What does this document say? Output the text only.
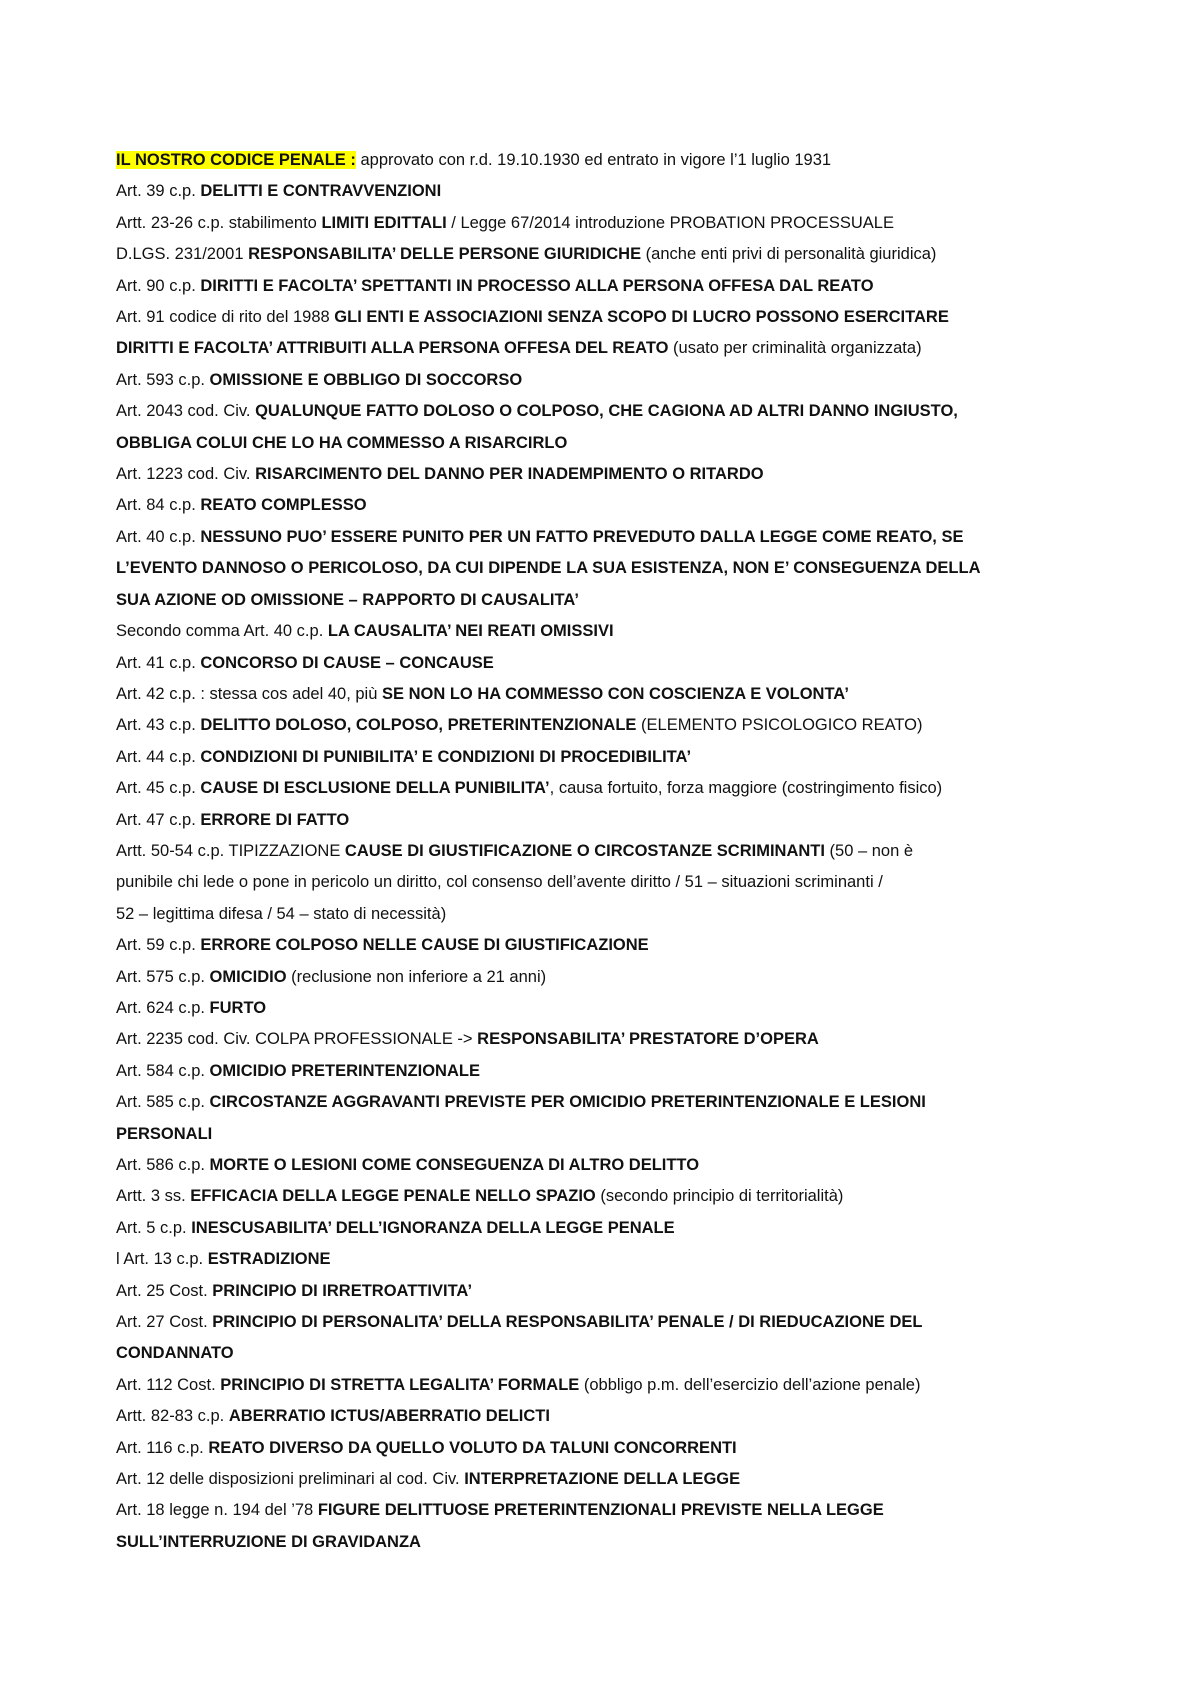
IL NOSTRO CODICE PENALE : approvato con r.d. 19.10.1930 ed entrato in vigore l’1 luglio 1931
Art. 39 c.p. DELITTI E CONTRAVVENZIONI
Artt. 23-26 c.p. stabilimento LIMITI EDITTALI / Legge 67/2014 introduzione PROBATION PROCESSUALE
D.LGS. 231/2001 RESPONSABILITA’ DELLE PERSONE GIURIDICHE (anche enti privi di personalità giuridica)
Art. 90 c.p. DIRITTI E FACOLTA’ SPETTANTI IN PROCESSO ALLA PERSONA OFFESA DAL REATO
Art. 91 codice di rito del 1988 GLI ENTI E ASSOCIAZIONI SENZA SCOPO DI LUCRO POSSONO ESERCITARE
DIRITTI E FACOLTA’ ATTRIBUITI ALLA PERSONA OFFESA DEL REATO (usato per criminalità organizzata)
Art. 593 c.p. OMISSIONE E OBBLIGO DI SOCCORSO
Art. 2043 cod. Civ. QUALUNQUE FATTO DOLOSO O COLPOSO, CHE CAGIONA AD ALTRI DANNO INGIUSTO,
OBBLIGA COLUI CHE LO HA COMMESSO A RISARCIRLO
Art. 1223 cod. Civ. RISARCIMENTO DEL DANNO PER INADEMPIMENTO O RITARDO
Art. 84 c.p. REATO COMPLESSO
Art. 40 c.p. NESSUNO PUO’ ESSERE PUNITO PER UN FATTO PREVEDUTO DALLA LEGGE COME REATO, SE
L’EVENTO DANNOSO O PERICOLOSO, DA CUI DIPENDE LA SUA ESISTENZA, NON E’ CONSEGUENZA DELLA
SUA AZIONE OD OMISSIONE – RAPPORTO DI CAUSALITA’
Secondo comma Art. 40 c.p. LA CAUSALITA’ NEI REATI OMISSIVI
Art. 41 c.p. CONCORSO DI CAUSE – CONCAUSE
Art. 42 c.p. : stessa cos adel 40, più SE NON LO HA COMMESSO CON COSCIENZA E VOLONTA’
Art. 43 c.p. DELITTO DOLOSO, COLPOSO, PRETERINTENZIONALE (ELEMENTO PSICOLOGICO REATO)
Art. 44 c.p. CONDIZIONI DI PUNIBILITA’ E CONDIZIONI DI PROCEDIBILITA’
Art. 45 c.p. CAUSE DI ESCLUSIONE DELLA PUNIBILITA’, causa fortuito, forza maggiore (costringimento fisico)
Art. 47 c.p. ERRORE DI FATTO
Artt. 50-54 c.p. TIPIZZAZIONE CAUSE DI GIUSTIFICAZIONE O CIRCOSTANZE SCRIMINANTI (50 – non è
punibile chi lede o pone in pericolo un diritto, col consenso dell’avente diritto / 51 – situazioni scriminanti /
52 – legittima difesa / 54 – stato di necessità)
Art. 59 c.p. ERRORE COLPOSO NELLE CAUSE DI GIUSTIFICAZIONE
Art. 575 c.p. OMICIDIO (reclusione non inferiore a 21 anni)
Art. 624 c.p. FURTO
Art. 2235 cod. Civ. COLPA PROFESSIONALE -> RESPONSABILITA’ PRESTATORE D’OPERA
Art. 584 c.p. OMICIDIO PRETERINTENZIONALE
Art. 585 c.p. CIRCOSTANZE AGGRAVANTI PREVISTE PER OMICIDIO PRETERINTENZIONALE E LESIONI
PERSONALI
Art. 586 c.p. MORTE O LESIONI COME CONSEGUENZA DI ALTRO DELITTO
Artt. 3 ss. EFFICACIA DELLA LEGGE PENALE NELLO SPAZIO (secondo principio di territorialità)
Art. 5 c.p. INESCUSABILITA’ DELL’IGNORANZA DELLA LEGGE PENALE
l Art. 13 c.p. ESTRADIZIONE
Art. 25 Cost. PRINCIPIO DI IRRETROATTIVITA’
Art. 27 Cost. PRINCIPIO DI PERSONALITA’ DELLA RESPONSABILITA’ PENALE / DI RIEDUCAZIONE DEL
CONDANNATO
Art. 112 Cost. PRINCIPIO DI STRETTA LEGALITA’ FORMALE (obbligo p.m. dell’esercizio dell’azione penale)
Artt. 82-83 c.p. ABERRATIO ICTUS/ABERRATIO DELICTI
Art. 116 c.p. REATO DIVERSO DA QUELLO VOLUTO DA TALUNI CONCORRENTI
Art. 12 delle disposizioni preliminari al cod. Civ. INTERPRETAZIONE DELLA LEGGE
Art. 18 legge n. 194 del ’78 FIGURE DELITTUOSE PRETERINTENZIONALI PREVISTE NELLA LEGGE
SULL’INTERRUZIONE DI GRAVIDANZA
